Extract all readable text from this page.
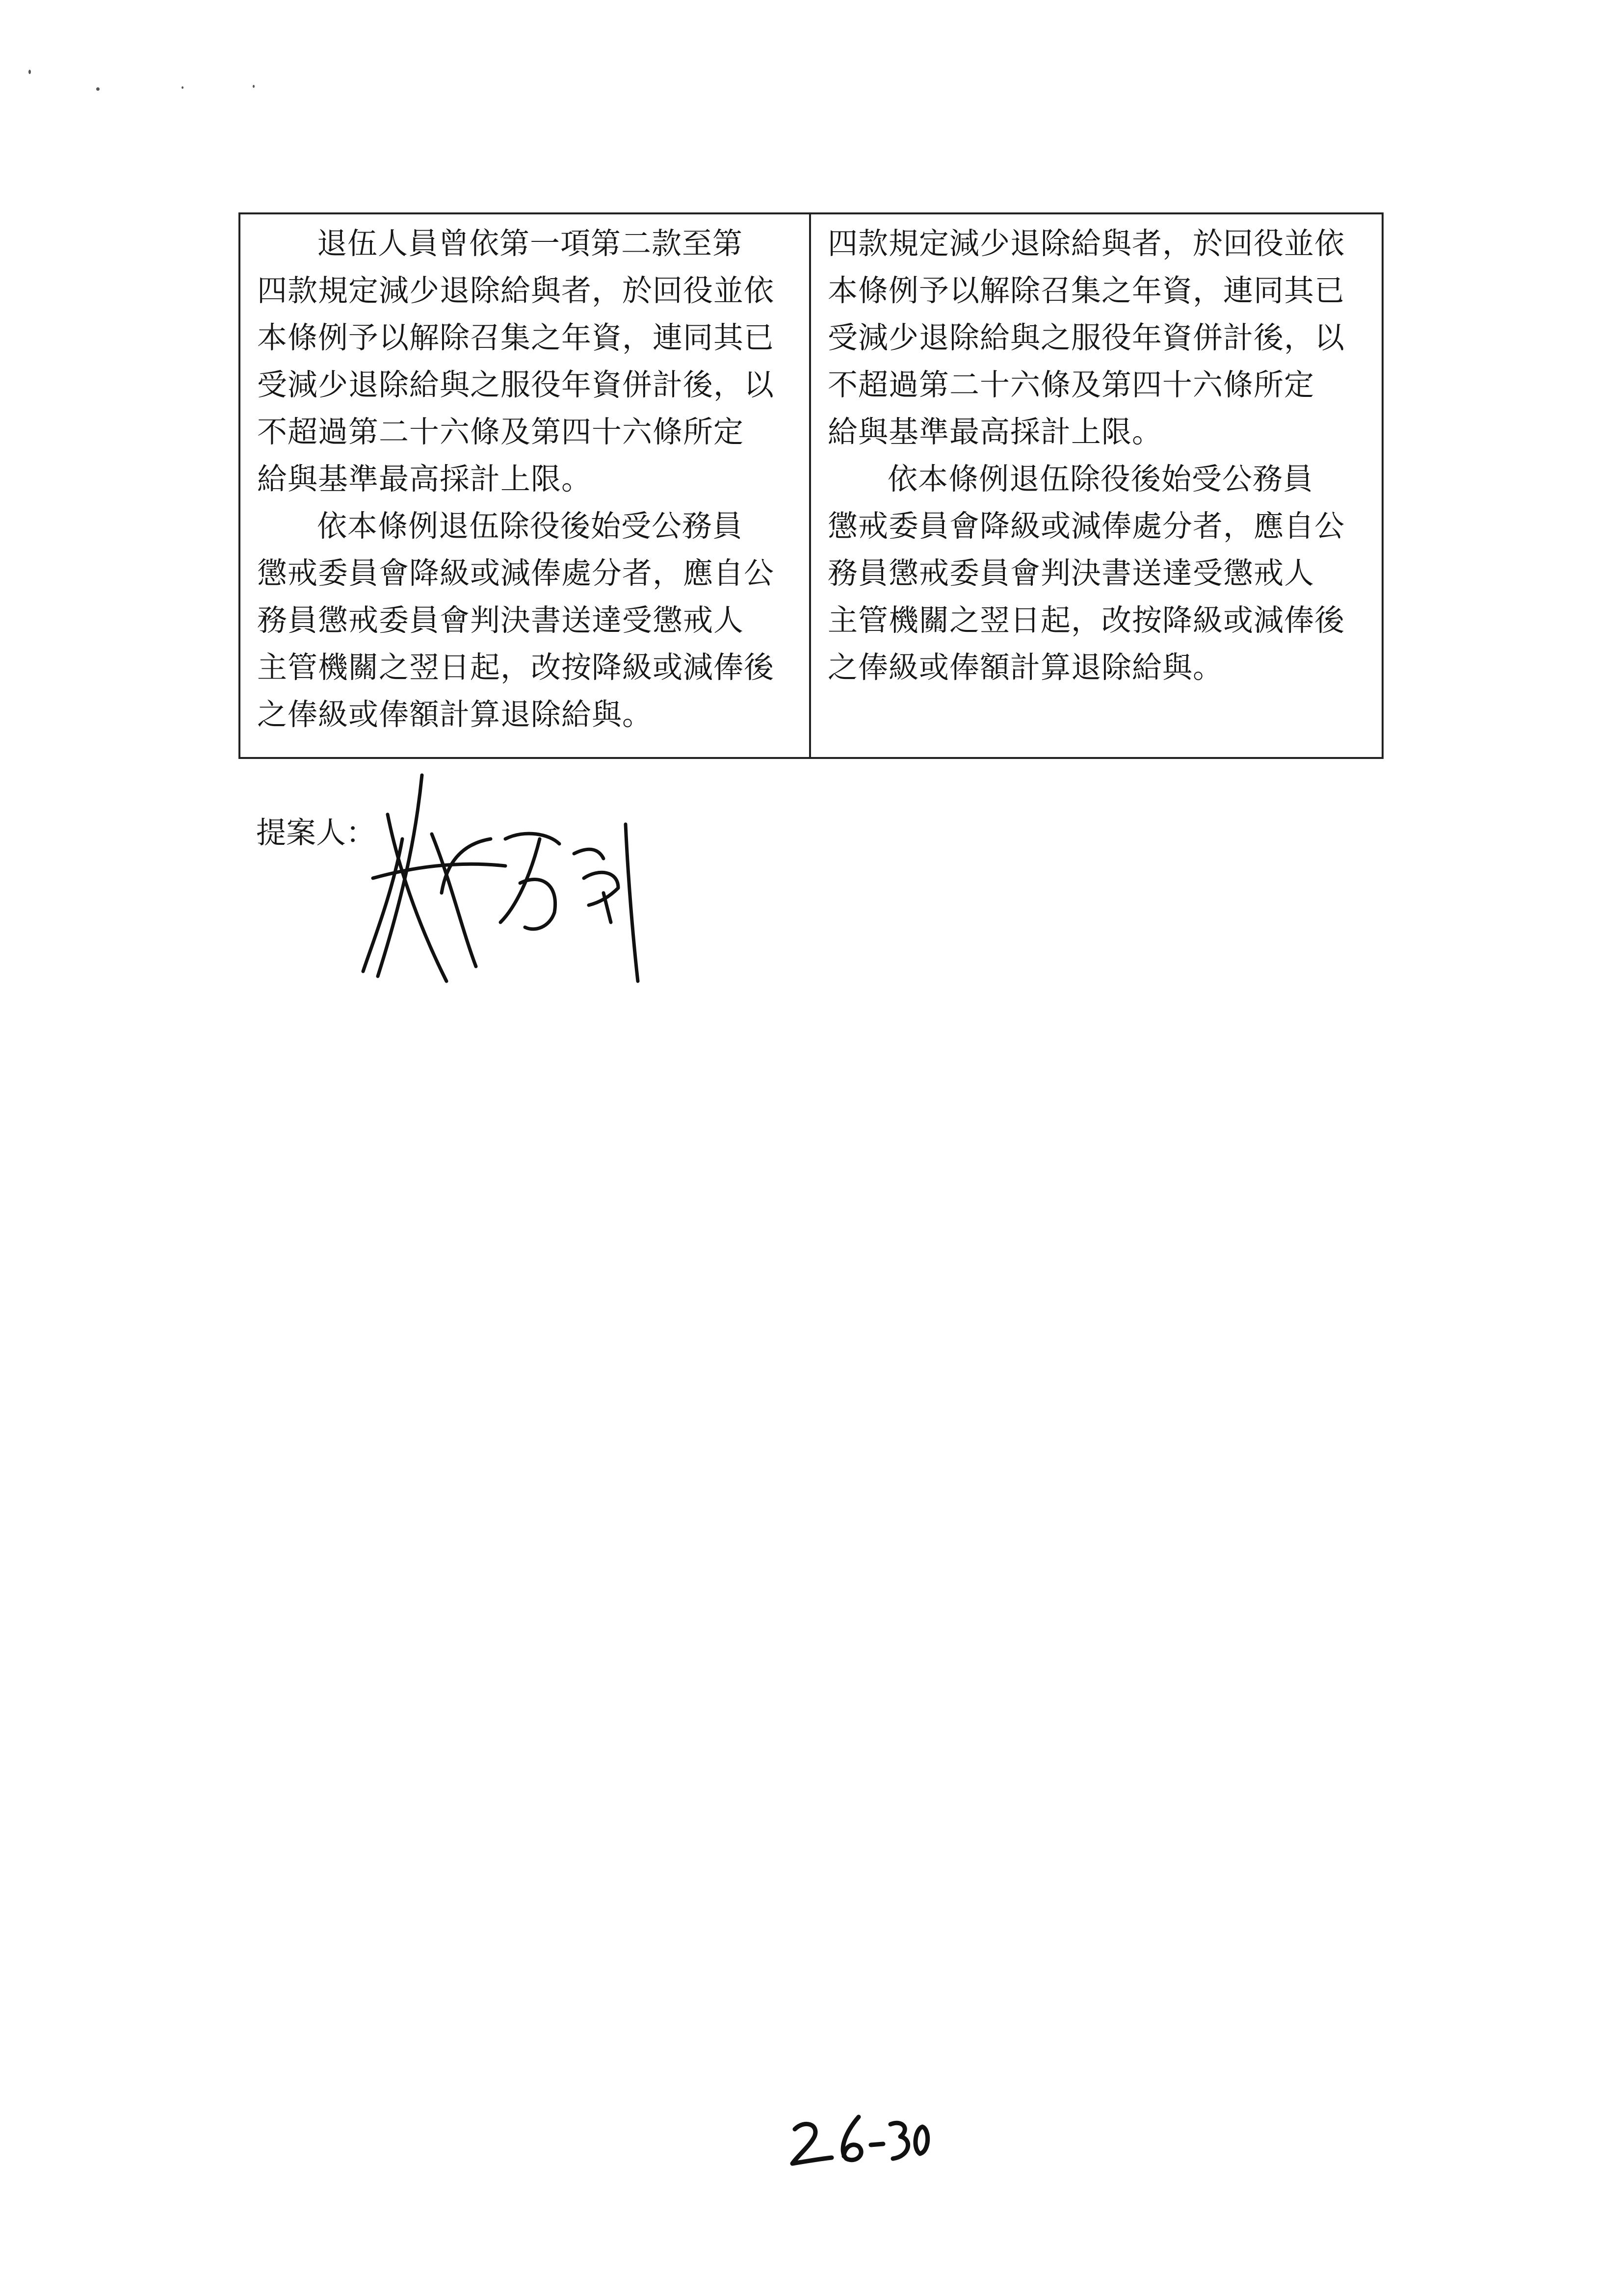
退伍人員曾依第一項第二款至第
四款規定減少退除給與者，於回役並依
本條例予以解除召集之年資，連同其已
受減少退除給與之服役年資併計後，以
不超過第二十六條及第四十六條所定
給與基準最高採計上限。
依本條例退伍除役後始受公務員
懲戒委員會降級或減俸處分者，應自公
務員懲戒委員會判決書送達受懲戒人
主管機關之翌日起，改按降級或減俸後
之俸級或俸額計算退除給與。
四款規定減少退除給與者，於回役並依
本條例予以解除召集之年資，連同其已
受減少退除給與之服役年資併計後，以
不超過第二十六條及第四十六條所定
給與基準最高採計上限。
依本條例退伍除役後始受公務員
懲戒委員會降級或減俸處分者，應自公
務員懲戒委員會判決書送達受懲戒人
主管機關之翌日起，改按降級或減俸後
之俸級或俸額計算退除給與。
提案人：
